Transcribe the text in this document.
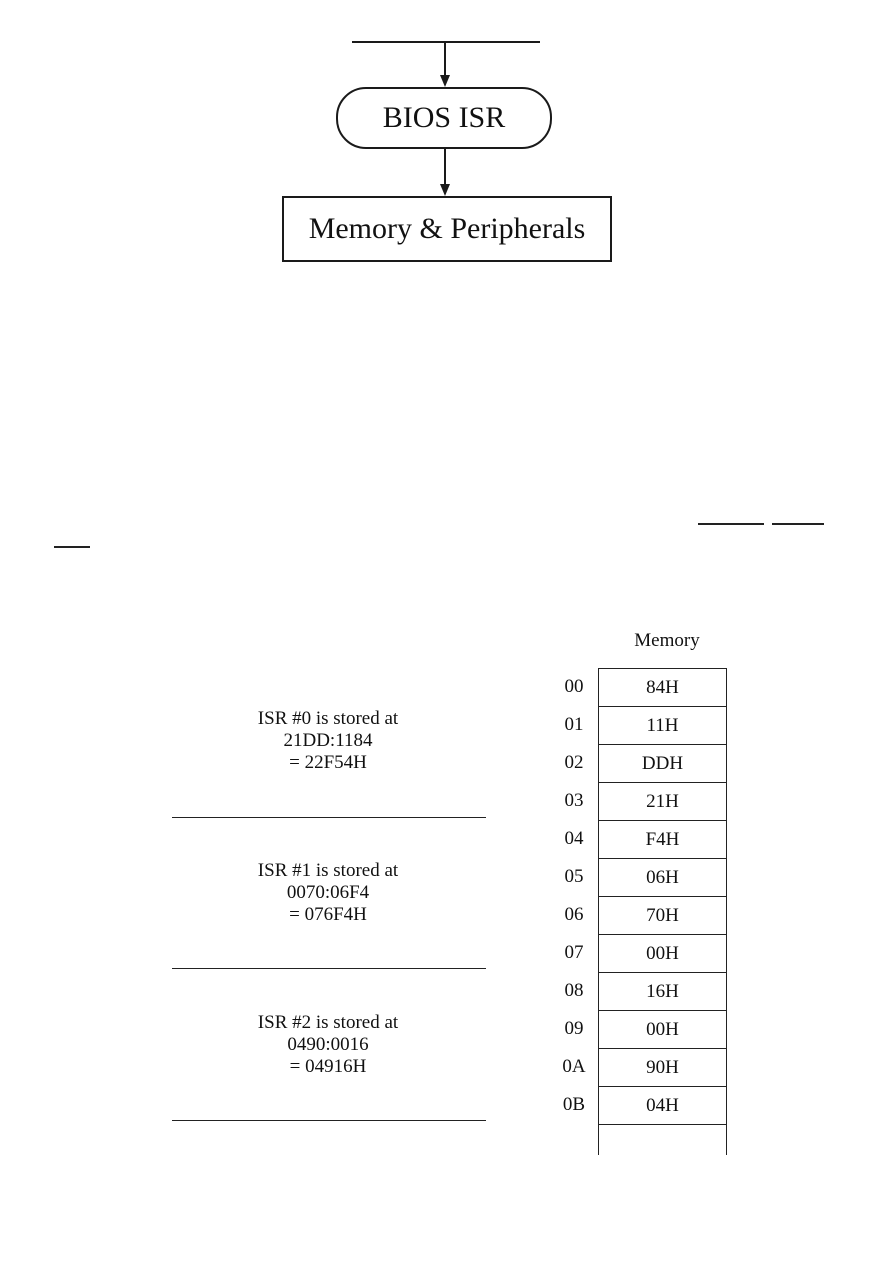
BIOS ISR
Memory & Peripherals
ISR #0 is stored at
21DD:1184
= 22F54H
ISR #1 is stored at
0070:06F4
= 076F4H
ISR #2 is stored at
0490:0016
= 04916H
Memory
00
01
02
03
04
05
06
07
08
09
0A
0B
84H
11H
DDH
21H
F4H
06H
70H
00H
16H
00H
90H
04H
